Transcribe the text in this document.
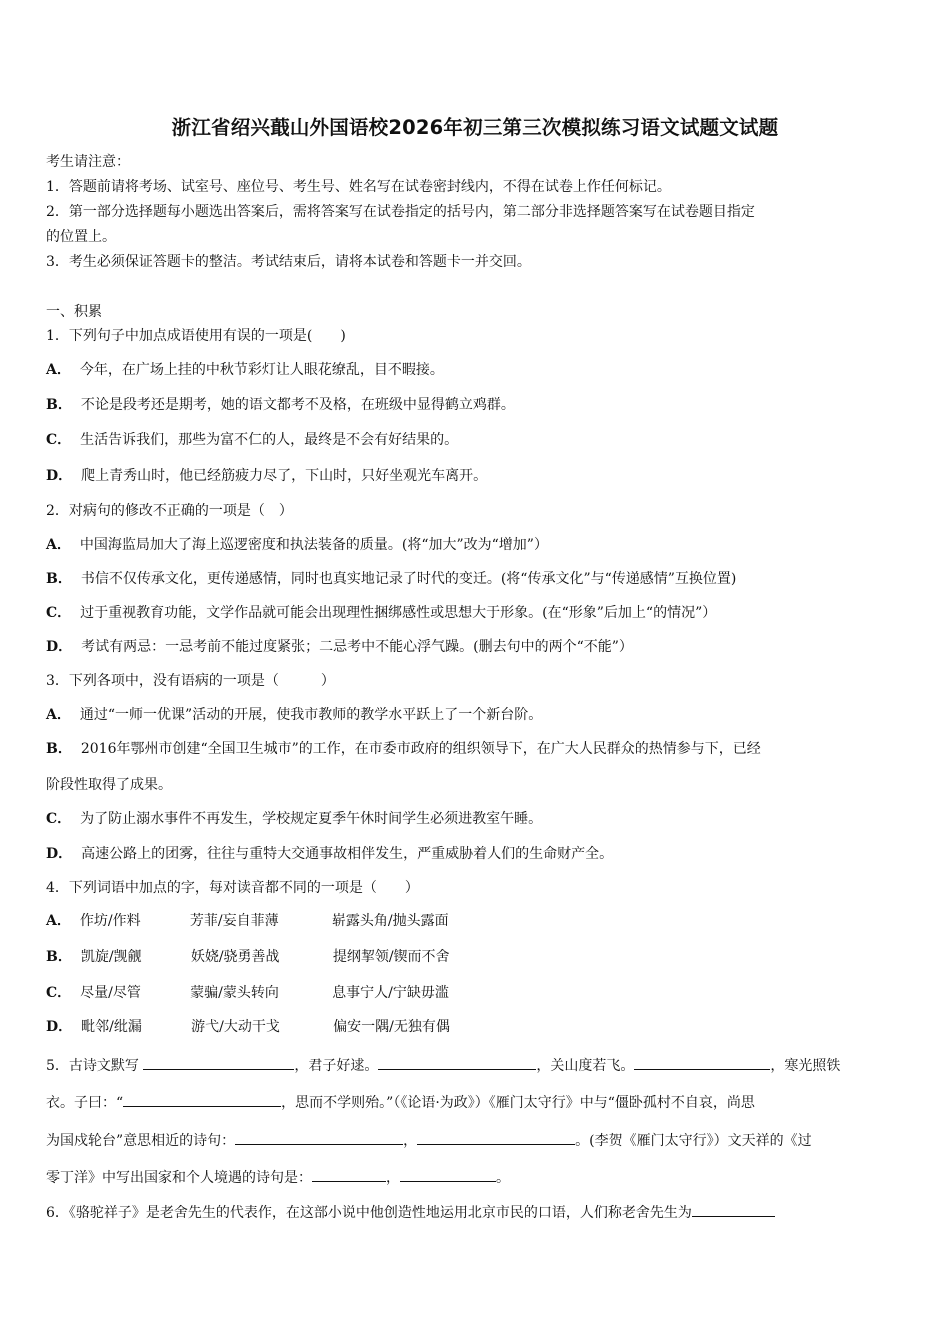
浙江省绍兴蕺山外国语校2026年初三第三次模拟练习语文试题文试题
考生请注意：
1．答题前请将考场、试室号、座位号、考生号、姓名写在试卷密封线内，不得在试卷上作任何标记。
2．第一部分选择题每小题选出答案后，需将答案写在试卷指定的括号内，第二部分非选择题答案写在试卷题目指定
的位置上。
3．考生必须保证答题卡的整洁。考试结束后，请将本试卷和答题卡一并交回。
一、积累
1．下列句子中加点成语使用有误的一项是(　　)
A． 今年，在广场上挂的中秋节彩灯让人眼花缭乱，目不暇接。
B． 不论是段考还是期考，她的语文都考不及格，在班级中显得鹤立鸡群。
C． 生活告诉我们，那些为富不仁的人，最终是不会有好结果的。
D． 爬上青秀山时，他已经筋疲力尽了，下山时，只好坐观光车离开。
2．对病句的修改不正确的一项是（　）
A． 中国海监局加大了海上巡逻密度和执法装备的质量。(将“加大”改为“增加”）
B． 书信不仅传承文化，更传递感情，同时也真实地记录了时代的变迁。(将“传承文化”与“传递感情”互换位置)
C． 过于重视教育功能，文学作品就可能会出现理性捆绑感性或思想大于形象。(在“形象”后加上“的情况”）
D． 考试有两忌：一忌考前不能过度紧张；二忌考中不能心浮气躁。(删去句中的两个“不能”）
3．下列各项中，没有语病的一项是（　　　）
A． 通过“一师一优课”活动的开展，使我市教师的教学水平跃上了一个新台阶。
B． 2016年鄂州市创建“全国卫生城市”的工作，在市委市政府的组织领导下，在广大人民群众的热情参与下，已经
阶段性取得了成果。
C． 为了防止溺水事件不再发生，学校规定夏季午休时间学生必须进教室午睡。
D． 高速公路上的团雾，往往与重特大交通事故相伴发生，严重威胁着人们的生命财产全。
4．下列词语中加点的字，每对读音都不同的一项是（　　）
A． 作坊/作料	芳菲/妄自菲薄	崭露头角/抛头露面
B． 凯旋/觊觎	妖娆/骁勇善战	提纲挈领/锲而不舍
C． 尽量/尽管	蒙骗/蒙头转向	息事宁人/宁缺毋滥
D． 毗邻/纰漏	游弋/大动干戈	偏安一隅/无独有偶
5．古诗文默写	，君子好逑。	，关山度若飞。	，寒光照铁
衣。子曰：“	，思而不学则殆。”（《论语·为政》）《雁门太守行》中与“僵卧孤村不自哀，尚思
为国戍轮台”意思相近的诗句：	，	。(李贺《雁门太守行》）文天祥的《过
零丁洋》中写出国家和个人境遇的诗句是：	，	。
6．《骆驼祥子》是老舍先生的代表作，在这部小说中他创造性地运用北京市民的口语，人们称老舍先生为
